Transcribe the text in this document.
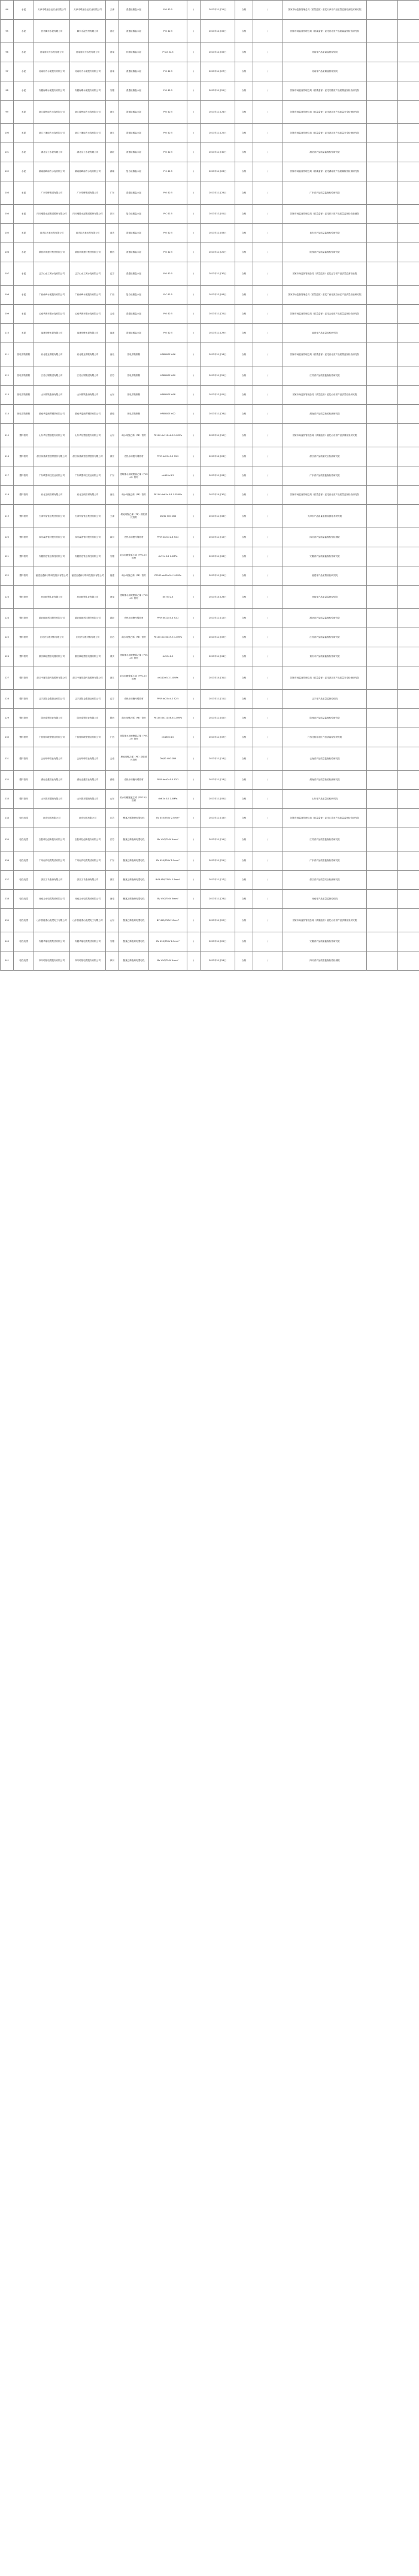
94	水泥	天津市联谊乐达实业有限公司	天津市联谊乐达实业有限公司	天津	普通硅酸盐水泥	P·O 42.5	/	2023年11月21日	合格	/	国家市场监督管理总局（质量监督）委托天津市产品质量监督检测技术研究院		
95	水泥	晋州冀东水泥有限公司	冀东水泥晋州有限公司	河北	普通硅酸盐水泥	P·O 42.5	/	2023年12月05日	合格	/	国家市场监督管理总局（质量监督）委托河北省产品质量监督检验研究院		
96	水泥	河南省同力水泥有限公司	河南省同力水泥有限公司	河南	矿渣硅酸盐水泥	P·S·A 32.5	/	2023年12月05日	合格	/	河南省产品质量监督检验院		
97	水泥	河南同力水泥股份有限公司	河南同力水泥股份有限公司	河南	普通硅酸盐水泥	P·O 42.5	/	2023年11月27日	合格	/	河南省产品质量监督检验院		
98	水泥	安徽海螺水泥股份有限公司	安徽海螺水泥股份有限公司	安徽	普通硅酸盐水泥	P·O 42.5	/	2023年11月29日	合格	/	国家市场监督管理总局（质量监督）委托安徽省产品质量监督检验研究院		
99	水泥	浙江湖州南方水泥有限公司	浙江湖州南方水泥有限公司	浙江	普通硅酸盐水泥	P·O 42.5	/	2023年11月24日	合格	/	国家市场监督管理总局（质量监督）委托浙江省产品质量安全检测研究院		
100	水泥	浙江三狮南方水泥有限公司	浙江三狮南方水泥有限公司	浙江	普通硅酸盐水泥	P·O 42.5	/	2023年11月22日	合格	/	国家市场监督管理总局（质量监督）委托浙江省产品质量安全检测研究院		
101	水泥	湖北京兰水泥有限公司	湖北京兰水泥有限公司	湖北	普通硅酸盐水泥	P·O 42.5	/	2023年11月30日	合格	/	湖北省产品质量监督检验研究院		
102	水泥	湖南韶峰南方水泥有限公司	湖南韶峰南方水泥有限公司	湖南	复合硅酸盐水泥	P·C 42.5	/	2023年11月28日	合格	/	国家市场监督管理总局（质量监督）委托湖南省产品质量检验检测研究院		
103	水泥	广东塔牌集团有限公司	广东塔牌集团有限公司	广东	普通硅酸盐水泥	P·O 42.5	/	2023年11月23日	合格	/	广东省产品质量监督检验研究院		
104	水泥	四川峨胜水泥集团股份有限公司	四川峨胜水泥集团股份有限公司	四川	复合硅酸盐水泥	P·C 42.5	/	2023年12月01日	合格	/	国家市场监督管理总局（质量监督）委托四川省产品质量监督检验检测院		
105	水泥	重庆拉法基水泥有限公司	重庆拉法基水泥有限公司	重庆	普通硅酸盐水泥	P·O 42.5	/	2023年12月08日	合格	/	重庆市产品质量监督检验研究院		
106	水泥	陕西声威建材集团有限公司	陕西声威建材集团有限公司	陕西	普通硅酸盐水泥	P·O 42.5	/	2023年11月20日	合格	/	陕西省产品质量监督检验研究院		
107	水泥	辽宁山水工源水泥有限公司	辽宁山水工源水泥有限公司	辽宁	普通硅酸盐水泥	P·O 42.5	/	2023年11月30日	合格	/	国家市场监督管理总局（质量监督）委托辽宁省产品质量监督检验院		
108	水泥	广西鱼峰水泥股份有限公司	广西鱼峰水泥股份有限公司	广西	复合硅酸盐水泥	P·C 42.5	/	2023年12月06日	合格	/	国家市场监督管理总局（质量监督）委托广西壮族自治区产品质量检验研究院		
109	水泥	云南华新东骏水泥有限公司	云南华新东骏水泥有限公司	云南	普通硅酸盐水泥	P·O 42.5	/	2023年11月22日	合格	/	国家市场监督管理总局（质量监督）委托云南省产品质量监督检验研究院		
110	水泥	福建塔牌水泥有限公司	福建塔牌水泥有限公司	福建	普通硅酸盐水泥	P·O 42.5	/	2023年11月29日	合格	/	福建省产品质量检验研究院		
111	热轧带肋钢筋	河北敬业钢铁有限公司	河北敬业钢铁有限公司	河北	热轧带肋钢筋	HRB400E Φ16	/	2023年11月18日	合格	/	国家市场监督管理总局（质量监督）委托河北省产品质量监督检验研究院		
112	热轧带肋钢筋	江苏沙钢集团有限公司	江苏沙钢集团有限公司	江苏	热轧带肋钢筋	HRB400E Φ20	/	2023年11月25日	合格	/	江苏省产品质量监督检验研究院		
113	热轧带肋钢筋	山东钢铁股份有限公司	山东钢铁股份有限公司	山东	热轧带肋钢筋	HRB400E Φ18	/	2023年12月02日	合格	/	国家市场监督管理总局（质量监督）委托山东省产品质量检验研究院		
114	热轧带肋钢筋	湖南华菱湘潭钢铁有限公司	湖南华菱湘潭钢铁有限公司	湖南	热轧带肋钢筋	HRB400E Φ22	/	2023年11月28日	合格	/	湖南省产品质量检验检测研究院		
115	塑料管材	山东华信塑胶股份有限公司	山东华信塑胶股份有限公司	山东	给水用聚乙烯（PE）管材	PE100 dn110×6.6 1.0MPa	/	2023年11月10日	合格	/	国家市场监督管理总局（质量监督）委托山东省产品质量检验研究院		
116	塑料管材	浙江伟星新型建材股份有限公司	浙江伟星新型建材股份有限公司	浙江	冷热水用聚丙烯管材	PP-R dn25×3.5 S3.2	/	2023年10月26日	合格	/	浙江省产品质量安全检测研究院		
117	塑料管材	广东联塑科技实业有限公司	广东联塑科技实业有限公司	广东	建筑排水用硬聚氯乙烯（PVC-U）管材	dn110×3.2	/	2023年11月03日	合格	/	广东省产品质量监督检验研究院		
118	塑料管材	河北宝硕管材有限公司	河北宝硕管材有限公司	河北	给水用聚乙烯（PE）管材	PE100 dn63×3.8 1.25MPa	/	2023年10月30日	合格	/	国家市场监督管理总局（质量监督）委托河北省产品质量监督检验研究院		
119	塑料管材	天津军星管业集团有限公司	天津军星管业集团有限公司	天津	埋地用聚乙烯（PE）双壁波纹管材	DN/ID 300 SN8	/	2023年11月08日	合格	/	天津市产品质量监督检测技术研究院		
120	塑料管材	四川森普管材股份有限公司	四川森普管材股份有限公司	四川	冷热水用聚丙烯管材	PP-R dn20×2.8 S3.2	/	2023年11月15日	合格	/	四川省产品质量监督检验检测院		
121	塑料管材	安徽国登管业科技有限公司	安徽国登管业科技有限公司	安徽	给水用硬聚氯乙烯（PVC-U）管材	dn75×3.6 1.0MPa	/	2023年11月06日	合格	/	安徽省产品质量监督检验研究院		
122	塑料管材	福建亚通新材料科技股份有限公司	福建亚通新材料科技股份有限公司	福建	给水用聚乙烯（PE）管材	PE100 dn90×5.4 1.0MPa	/	2023年11月01日	合格	/	福建省产品质量检验研究院		
123	塑料管材	河南联塑实业有限公司	河南联塑实业有限公司	河南	建筑排水用硬聚氯乙烯（PVC-U）管材	dn75×2.3	/	2023年10月28日	合格	/	河南省产品质量监督检验院		
124	塑料管材	湖北顾地科技股份有限公司	湖北顾地科技股份有限公司	湖北	冷热水用聚丙烯管材	PP-R dn32×4.4 S3.2	/	2023年11月12日	合格	/	湖北省产品质量监督检验研究院		
125	塑料管材	江苏法尔胜材料有限公司	江苏法尔胜材料有限公司	江苏	给水用聚乙烯（PE）管材	PE100 dn160×9.5 1.0MPa	/	2023年11月09日	合格	/	江苏省产品质量监督检验研究院		
126	塑料管材	重庆顾地塑胶电器有限公司	重庆顾地塑胶电器有限公司	重庆	建筑排水用硬聚氯乙烯（PVC-U）管材	dn50×2.0	/	2023年11月04日	合格	/	重庆市产品质量监督检验研究院		
127	塑料管材	浙江中财管道科技股份有限公司	浙江中财管道科技股份有限公司	浙江	给水用硬聚氯乙烯（PVC-U）管材	dn110×5.3 1.0MPa	/	2023年10月31日	合格	/	国家市场监督管理总局（质量监督）委托浙江省产品质量安全检测研究院		
128	塑料管材	辽宁沈阳金鑫管业有限公司	辽宁沈阳金鑫管业有限公司	辽宁	冷热水用聚丙烯管材	PP-R dn25×4.2 S2.5	/	2023年11月11日	合格	/	辽宁省产品质量监督检验院		
129	塑料管材	陕西泰塑管业有限公司	陕西泰塑管业有限公司	陕西	给水用聚乙烯（PE）管材	PE100 dn110×6.6 1.0MPa	/	2023年11月02日	合格	/	陕西省产品质量监督检验研究院		
130	塑料管材	广西桂林联塑管业有限公司	广西桂林联塑管业有限公司	广西	建筑排水用硬聚氯乙烯（PVC-U）管材	dn160×4.0	/	2023年11月07日	合格	/	广西壮族自治区产品质量检验研究院		
131	塑料管材	云南华坤管业有限公司	云南华坤管业有限公司	云南	埋地用聚乙烯（PE）双壁波纹管材	DN/ID 400 SN8	/	2023年11月14日	合格	/	云南省产品质量监督检验研究院		
132	塑料管材	湖南金鑫管业有限公司	湖南金鑫管业有限公司	湖南	冷热水用聚丙烯管材	PP-R dn40×5.5 S3.2	/	2023年11月13日	合格	/	湖南省产品质量检验检测研究院		
133	塑料管材	山东胜邦塑胶有限公司	山东胜邦塑胶有限公司	山东	给水用硬聚氯乙烯（PVC-U）管材	dn63×3.0 1.0MPa	/	2023年11月05日	合格	/	山东省产品质量检验研究院		
134	电线电缆	远东电缆有限公司	远东电缆有限公司	江苏	聚氯乙烯绝缘电缆电线	BV 450/750V 2.5mm²	/	2023年11月16日	合格	/	国家市场监督管理总局（质量监督）委托江苏省产品质量监督检验研究院		
135	电线电缆	宝胜科技创新股份有限公司	宝胜科技创新股份有限公司	江苏	聚氯乙烯绝缘电缆电线	BV 450/750V 4mm²	/	2023年11月19日	合格	/	江苏省产品质量监督检验研究院		
136	电线电缆	广州南洋电缆集团有限公司	广州南洋电缆集团有限公司	广东	聚氯乙烯绝缘电缆电线	BV 450/750V 1.5mm²	/	2023年11月21日	合格	/	广东省产品质量监督检验研究院		
137	电线电缆	浙江万马股份有限公司	浙江万马股份有限公司	浙江	聚氯乙烯绝缘电缆电线	BVR 450/750V 2.5mm²	/	2023年11月17日	合格	/	浙江省产品质量安全检测研究院		
138	电线电缆	河南金水电缆集团有限公司	河南金水电缆集团有限公司	河南	聚氯乙烯绝缘电缆电线	BV 450/750V 6mm²	/	2023年11月23日	合格	/	河南省产品质量监督检验院		
139	电线电缆	山东鲁能泰山电缆电工有限公司	山东鲁能泰山电缆电工有限公司	山东	聚氯乙烯绝缘电缆电线	BV 450/750V 10mm²	/	2023年11月20日	合格	/	国家市场监督管理总局（质量监督）委托山东省产品质量检验研究院		
140	电线电缆	安徽华能电缆集团有限公司	安徽华能电缆集团有限公司	安徽	聚氯乙烯绝缘电缆电线	BV 450/750V 2.5mm²	/	2023年11月22日	合格	/	安徽省产品质量监督检验研究院		
141	电线电缆	四川明星电缆股份有限公司	四川明星电缆股份有限公司	四川	聚氯乙烯绝缘电缆电线	BV 450/750V 4mm²	/	2023年11月24日	合格	/	四川省产品质量监督检验检测院		
